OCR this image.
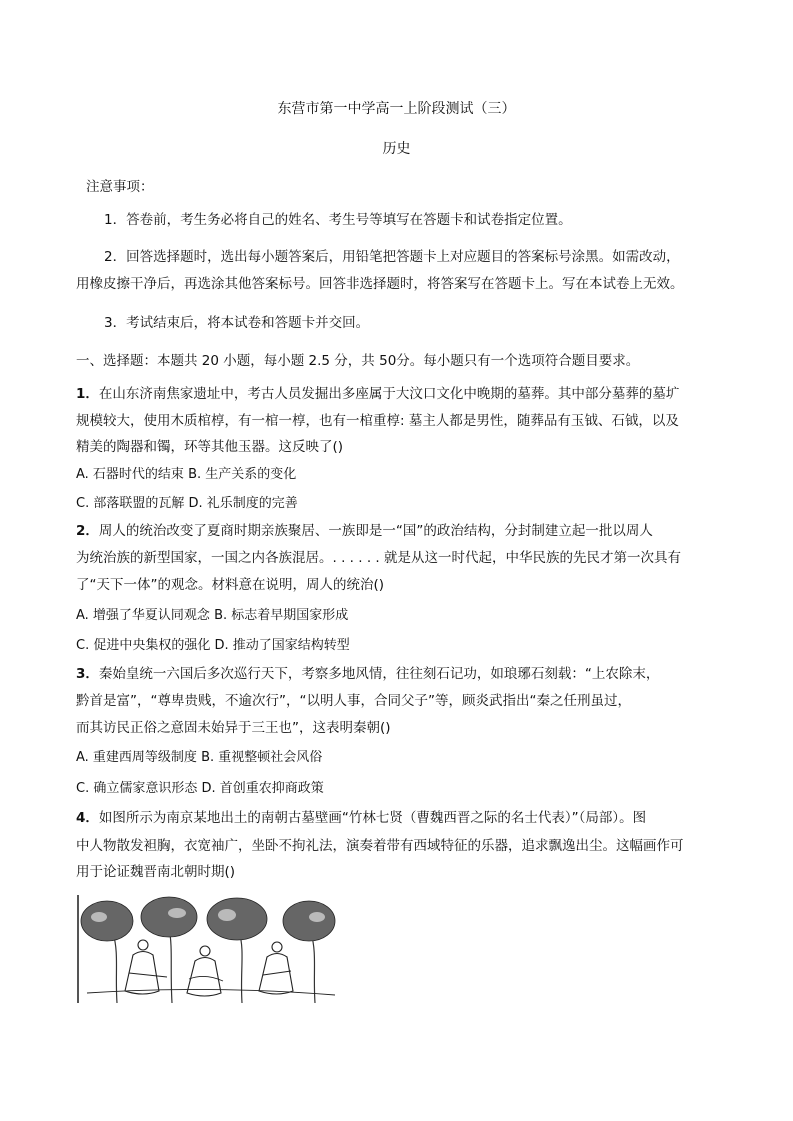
东营市第一中学高一上阶段测试（三）
历史
注意事项：
1．答卷前，考生务必将自己的姓名、考生号等填写在答题卡和试卷指定位置。
2．回答选择题时，选出每小题答案后，用铅笔把答题卡上对应题目的答案标号涂黑。如需改动，
用橡皮擦干净后，再选涂其他答案标号。回答非选择题时，将答案写在答题卡上。写在本试卷上无效。
3．考试结束后，将本试卷和答题卡并交回。
一、选择题：本题共 20 小题，每小题 2.5 分，共 50分。每小题只有一个选项符合题目要求。
1．在山东济南焦家遗址中，考古人员发掘出多座属于大汶口文化中晚期的墓葬。其中部分墓葬的墓圹
规模较大，使用木质棺椁，有一棺一椁，也有一棺重椁: 墓主人都是男性，随葬品有玉钺、石钺，以及
精美的陶器和镯，环等其他玉器。这反映了()
A. 石器时代的结束 B. 生产关系的变化
C. 部落联盟的瓦解 D. 礼乐制度的完善
2．周人的统治改变了夏商时期亲族聚居、一族即是一“国”的政治结构，分封制建立起一批以周人
为统治族的新型国家，一国之内各族混居。. . . . . . 就是从这一时代起，中华民族的先民才第一次具有
了“天下一体”的观念。材料意在说明，周人的统治()
A. 增强了华夏认同观念 B. 标志着早期国家形成
C. 促进中央集权的强化 D. 推动了国家结构转型
3．秦始皇统一六国后多次巡行天下，考察多地风情，往往刻石记功，如琅琊石刻载：“上农除末，
黔首是富”，“尊卑贵贱，不逾次行”，“以明人事，合同父子”等，顾炎武指出“秦之任刑虽过，
而其访民正俗之意固未始异于三王也”，这表明秦朝()
A. 重建西周等级制度 B. 重视整顿社会风俗
C. 确立儒家意识形态 D. 首创重农抑商政策
4．如图所示为南京某地出土的南朝古墓壁画“竹林七贤（曹魏西晋之际的名士代表）”（局部）。图
中人物散发袒胸，衣宽袖广，坐卧不拘礼法，演奏着带有西域特征的乐器，追求飘逸出尘。这幅画作可
用于论证魏晋南北朝时期()
